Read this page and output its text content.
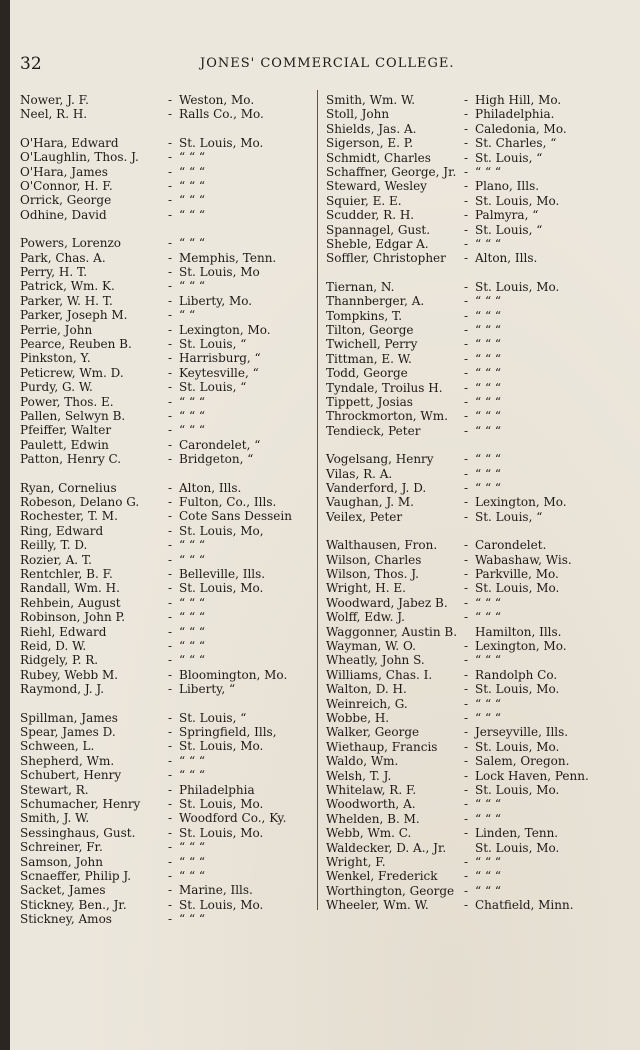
32	JONES' COMMERCIAL COLLEGE.
Nower, J. F.	- Weston, Mo.
Neel, R. H.	- Ralls Co., Mo.
O'Hara, Edward	- St. Louis, Mo.
O'Laughlin, Thos. J. - “ “ “
O'Hara, James	- “ “ “
O'Connor, H. F.	- “ “ “
Orrick, George	- “ “ “
Odhine, David	- “ “ “
Powers, Lorenzo	- “ “ “
Park, Chas. A.	- Memphis, Tenn.
Perry, H. T.	- St. Louis, Mo
Patrick, Wm. K.	- “ “ “
Parker, W. H. T.	- Liberty, Mo.
Parker, Joseph M.	- “ “
Perrie, John	- Lexington, Mo.
Pearce, Reuben B.	- St. Louis, “
Pinkston, Y.	- Harrisburg, “
Peticrew, Wm. D.	- Keytesville, “
Purdy, G. W.	- St. Louis, “
Power, Thos. E.	- “ “ “
Pallen, Selwyn B.	- “ “ “
Pfeiffer, Walter	- “ “ “
Paulett, Edwin	- Carondelet, “
Patton, Henry C.	- Bridgeton, “
Ryan, Cornelius	- Alton, Ills.
Robeson, Delano G. - Fulton, Co., Ills.
Rochester, T. M.	- Cote Sans Dessein
Ring, Edward	- St. Louis, Mo,
Reilly, T. D.	- “ “ “
Rozier, A. T.	- “ “ “
Rentchler, B. F.	- Belleville, Ills.
Randall, Wm. H.	- St. Louis, Mo.
Rehbein, August	- “ “ “
Robinson, John P.	- “ “ “
Riehl, Edward	- “ “ “
Reid, D. W.	- “ “ “
Ridgely, P. R.	- “ “ “
Rubey, Webb M.	- Bloomington, Mo.
Raymond, J. J.	- Liberty, “
Spillman, James	- St. Louis, “
Spear, James D.	- Springfield, Ills,
Schween, L.	- St. Louis, Mo.
Shepherd, Wm.	- “ “ “
Schubert, Henry	- “ “ “
Stewart, R.	- Philadelphia
Schumacher, Henry - St. Louis, Mo.
Smith, J. W.	- Woodford Co., Ky.
Sessinghaus, Gust.	- St. Louis, Mo.
Schreiner, Fr.	- “ “ “
Samson, John	- “ “ “
Scnaeffer, Philip J.	- “ “ “
Sacket, James	- Marine, Ills.
Stickney, Ben., Jr.	- St. Louis, Mo.
Stickney, Amos	- “ “ “
Smith, Wm. W.	- High Hill, Mo.
Stoll, John	- Philadelphia.
Shields, Jas. A.	- Caledonia, Mo.
Sigerson, E. P.	- St. Charles, “
Schmidt, Charles	- St. Louis, “
Schaffner, George, Jr. - “ “ “
Steward, Wesley	- Plano, Ills.
Squier, E. E.	- St. Louis, Mo.
Scudder, R. H.	- Palmyra, “
Spannagel, Gust.	- St. Louis, “
Sheble, Edgar A.	- “ “ “
Soffler, Christopher - Alton, Ills.
Tiernan, N.	- St. Louis, Mo.
Thannberger, A.	- “ “ “
Tompkins, T.	- “ “ “
Tilton, George	- “ “ “
Twichell, Perry	- “ “ “
Tittman, E. W.	- “ “ “
Todd, George	- “ “ “
Tyndale, Troilus H. - “ “ “
Tippett, Josias	- “ “ “
Throckmorton, Wm. - “ “ “
Tendieck, Peter	- “ “ “
Vogelsang, Henry	- “ “ “
Vilas, R. A.	- “ “ “
Vanderford, J. D.	- “ “ “
Vaughan, J. M.	- Lexington, Mo.
Veilex, Peter	- St. Louis, “
Walthausen, Fron. - Carondelet.
Wilson, Charles	- Wabashaw, Wis.
Wilson, Thos. J.	- Parkville, Mo.
Wright, H. E.	- St. Louis, Mo.
Woodward, Jabez B. - “ “ “
Wolff, Edw. J.	- “ “ “
Waggonner, Austin B. Hamilton, Ills.
Wayman, W. O.	- Lexington, Mo.
Wheatly, John S.	- “ “ “
Williams, Chas. I.	- Randolph Co.
Walton, D. H.	- St. Louis, Mo.
Weinreich, G.	- “ “ “
Wobbe, H.	- “ “ “
Walker, George	- Jerseyville, Ills.
Wiethaup, Francis - St. Louis, Mo.
Waldo, Wm.	- Salem, Oregon.
Welsh, T. J.	- Lock Haven, Penn.
Whitelaw, R. F.	- St. Louis, Mo.
Woodworth, A.	- “ “ “
Whelden, B. M.	- “ “ “
Webb, Wm. C.	- Linden, Tenn.
Waldecker, D. A., Jr. St. Louis, Mo.
Wright, F.	- “ “ “
Wenkel, Frederick - “ “ “
Worthington, George - “ “ “
Wheeler, Wm. W.	- Chatfield, Minn.
